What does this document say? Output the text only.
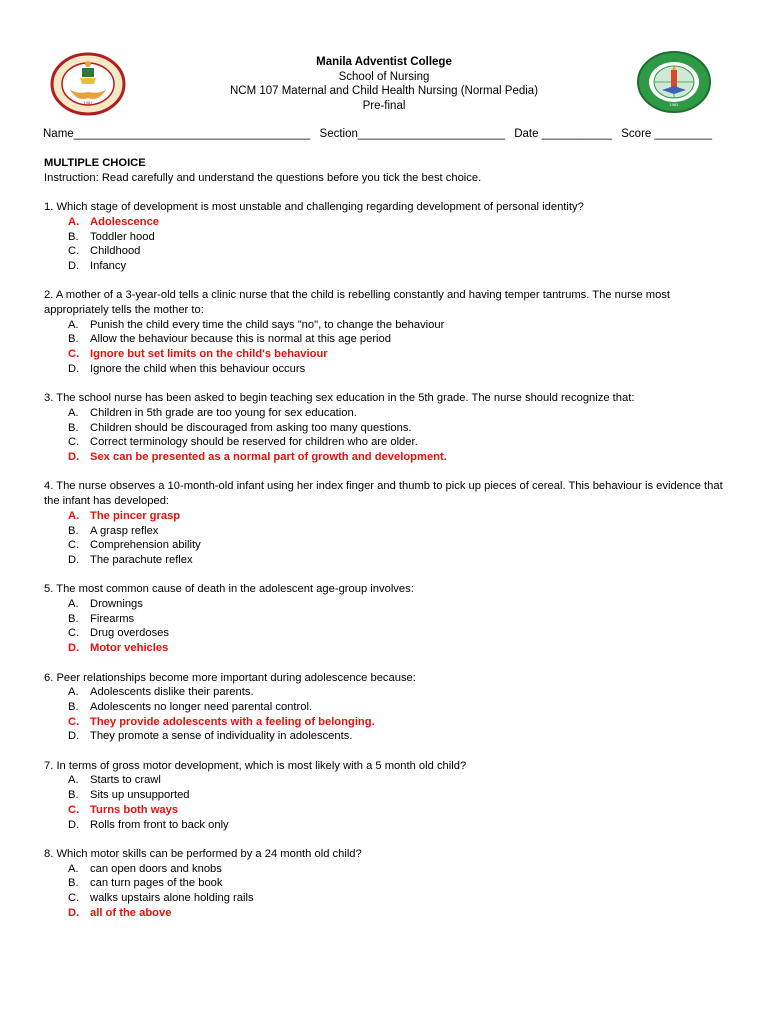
1981	1981
Manila Adventist College
School of Nursing
NCM 107 Maternal and Child Health Nursing (Normal Pedia)
Pre-final
Name_____________________________________ Section_______________________ Date ___________ Score _________
MULTIPLE CHOICE
Instruction: Read carefully and understand the questions before you tick the best choice.
1. Which stage of development is most unstable and challenging regarding development of personal identity?
A. Adolescence
B.	Toddler hood
C. Childhood
D. Infancy
2. A mother of a 3-year-old tells a clinic nurse that the child is rebelling constantly and having temper tantrums. The nurse most appropriately tells the mother to:
A.	Punish the child every time the child says "no", to change the behaviour
B.	Allow the behaviour because this is normal at this age period
C. Ignore but set limits on the child's behaviour
D. Ignore the child when this behaviour occurs
3. The school nurse has been asked to begin teaching sex education in the 5th grade. The nurse should recognize that:
A.	Children in 5th grade are too young for sex education.
B.	Children should be discouraged from asking too many questions.
C. Correct terminology should be reserved for children who are older.
D. Sex can be presented as a normal part of growth and development.
4. The nurse observes a 10-month-old infant using her index finger and thumb to pick up pieces of cereal. This behaviour is evidence that the infant has developed:
A. The pincer grasp
B.	A grasp reflex
C. Comprehension ability
D. The parachute reflex
5. The most common cause of death in the adolescent age-group involves:
A.	Drownings
B.	Firearms
C. Drug overdoses
D. Motor vehicles
6. Peer relationships become more important during adolescence because:
A.	Adolescents dislike their parents.
B.	Adolescents no longer need parental control.
C. They provide adolescents with a feeling of belonging.
D. They promote a sense of individuality in adolescents.
7. In terms of gross motor development, which is most likely with a 5 month old child?
A.	Starts to crawl
B.	Sits up unsupported
C. Turns both ways
D. Rolls from front to back only
8. Which motor skills can be performed by a 24 month old child?
A.	can open doors and knobs
B.	can turn pages of the book
C. walks upstairs alone holding rails
D. all of the above
